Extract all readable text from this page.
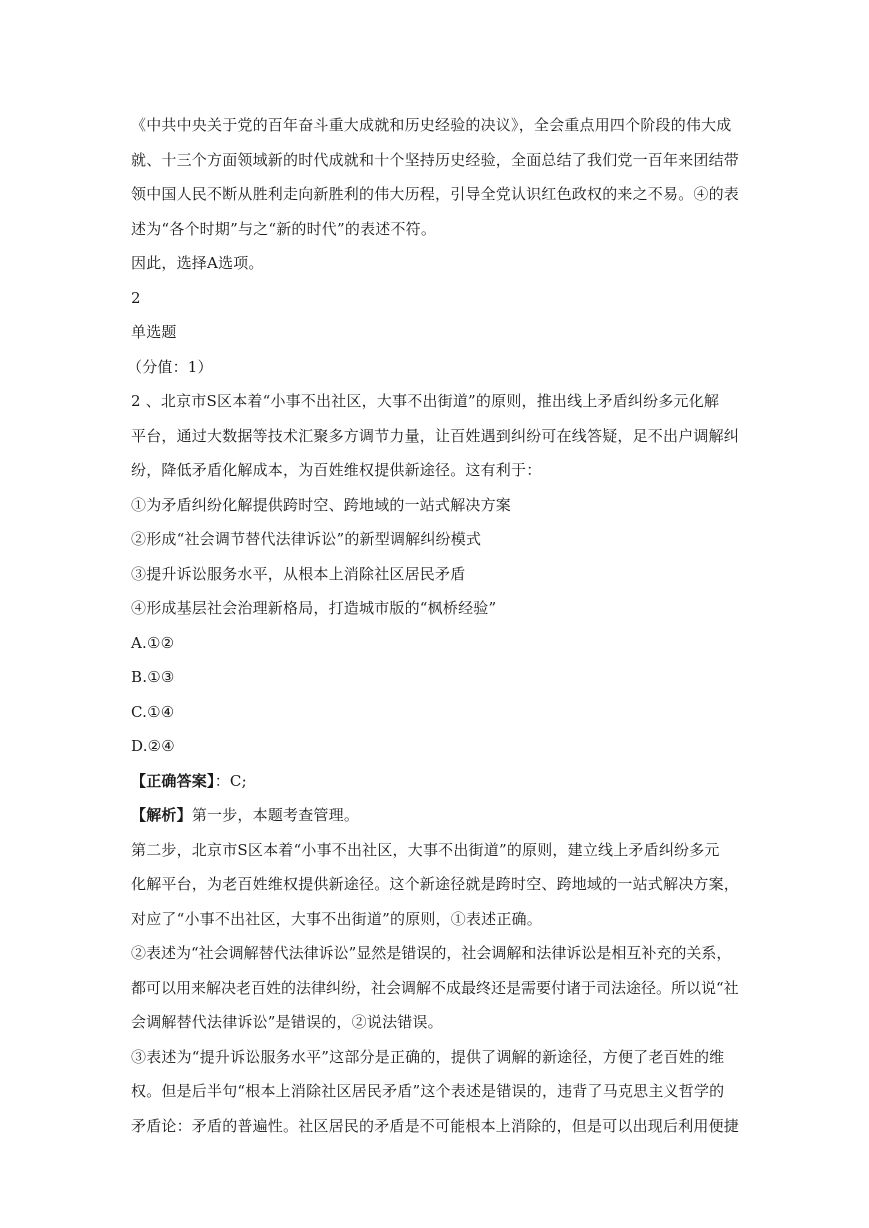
《中共中央关于党的百年奋斗重大成就和历史经验的决议》，全会重点用四个阶段的伟大成

就、十三个方面领域新的时代成就和十个坚持历史经验，全面总结了我们党一百年来团结带

领中国人民不断从胜利走向新胜利的伟大历程，引导全党认识红色政权的来之不易。④的表

述为“各个时期”与之“新的时代”的表述不符。

因此，选择A选项。

2

单选题

（分值：1）

2 、北京市S区本着“小事不出社区，大事不出街道”的原则，推出线上矛盾纠纷多元化解

平台，通过大数据等技术汇聚多方调节力量，让百姓遇到纠纷可在线答疑，足不出户调解纠

纷，降低矛盾化解成本，为百姓维权提供新途径。这有利于：

①为矛盾纠纷化解提供跨时空、跨地域的一站式解决方案

②形成“社会调节替代法律诉讼”的新型调解纠纷模式

③提升诉讼服务水平，从根本上消除社区居民矛盾

④形成基层社会治理新格局，打造城市版的“枫桥经验”

A.①②

B.①③

C.①④

D.②④

【正确答案】：C;

【解析】第一步，本题考查管理。

第二步，北京市S区本着“小事不出社区，大事不出街道”的原则，建立线上矛盾纠纷多元

化解平台，为老百姓维权提供新途径。这个新途径就是跨时空、跨地域的一站式解决方案，

对应了“小事不出社区，大事不出街道”的原则，①表述正确。

②表述为“社会调解替代法律诉讼”显然是错误的，社会调解和法律诉讼是相互补充的关系，

都可以用来解决老百姓的法律纠纷，社会调解不成最终还是需要付诸于司法途径。所以说“社

会调解替代法律诉讼”是错误的，②说法错误。

③表述为“提升诉讼服务水平”这部分是正确的，提供了调解的新途径，方便了老百姓的维

权。但是后半句“根本上消除社区居民矛盾”这个表述是错误的，违背了马克思主义哲学的

矛盾论：矛盾的普遍性。社区居民的矛盾是不可能根本上消除的，但是可以出现后利用便捷
